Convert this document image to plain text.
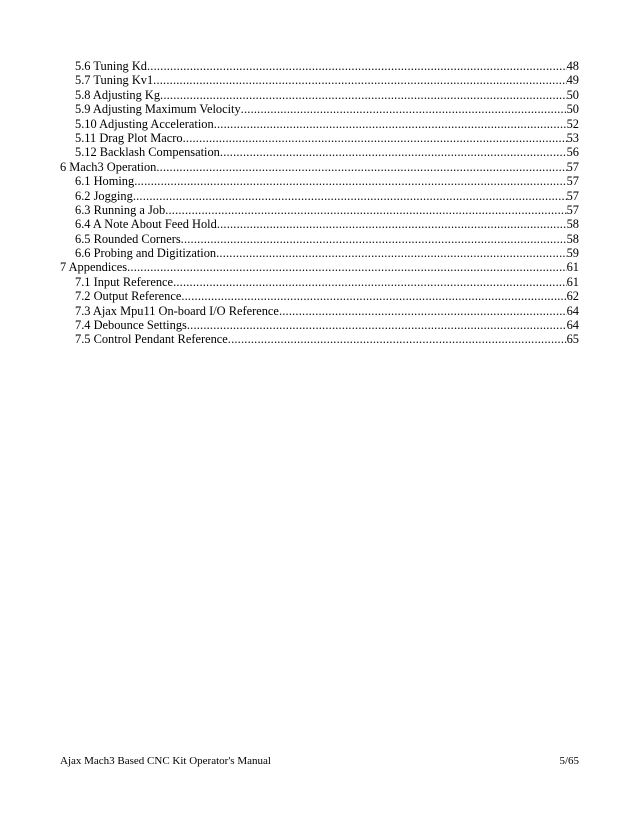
5.6 Tuning Kd .....	48
5.7 Tuning Kv1 .....	49
5.8 Adjusting Kg .....	50
5.9 Adjusting Maximum Velocity .....	50
5.10 Adjusting Acceleration .....	52
5.11 Drag Plot Macro .....	53
5.12 Backlash Compensation .....	56
6 Mach3 Operation .....	57
6.1 Homing .....	57
6.2 Jogging .....	57
6.3 Running a Job .....	57
6.4 A Note About Feed Hold .....	58
6.5 Rounded Corners .....	58
6.6 Probing and Digitization .....	59
7 Appendices .....	61
7.1 Input Reference .....	61
7.2 Output Reference .....	62
7.3 Ajax Mpu11 On-board I/O Reference .....	64
7.4 Debounce Settings .....	64
7.5 Control Pendant Reference .....	65
Ajax Mach3 Based CNC Kit Operator's Manual	5/65
